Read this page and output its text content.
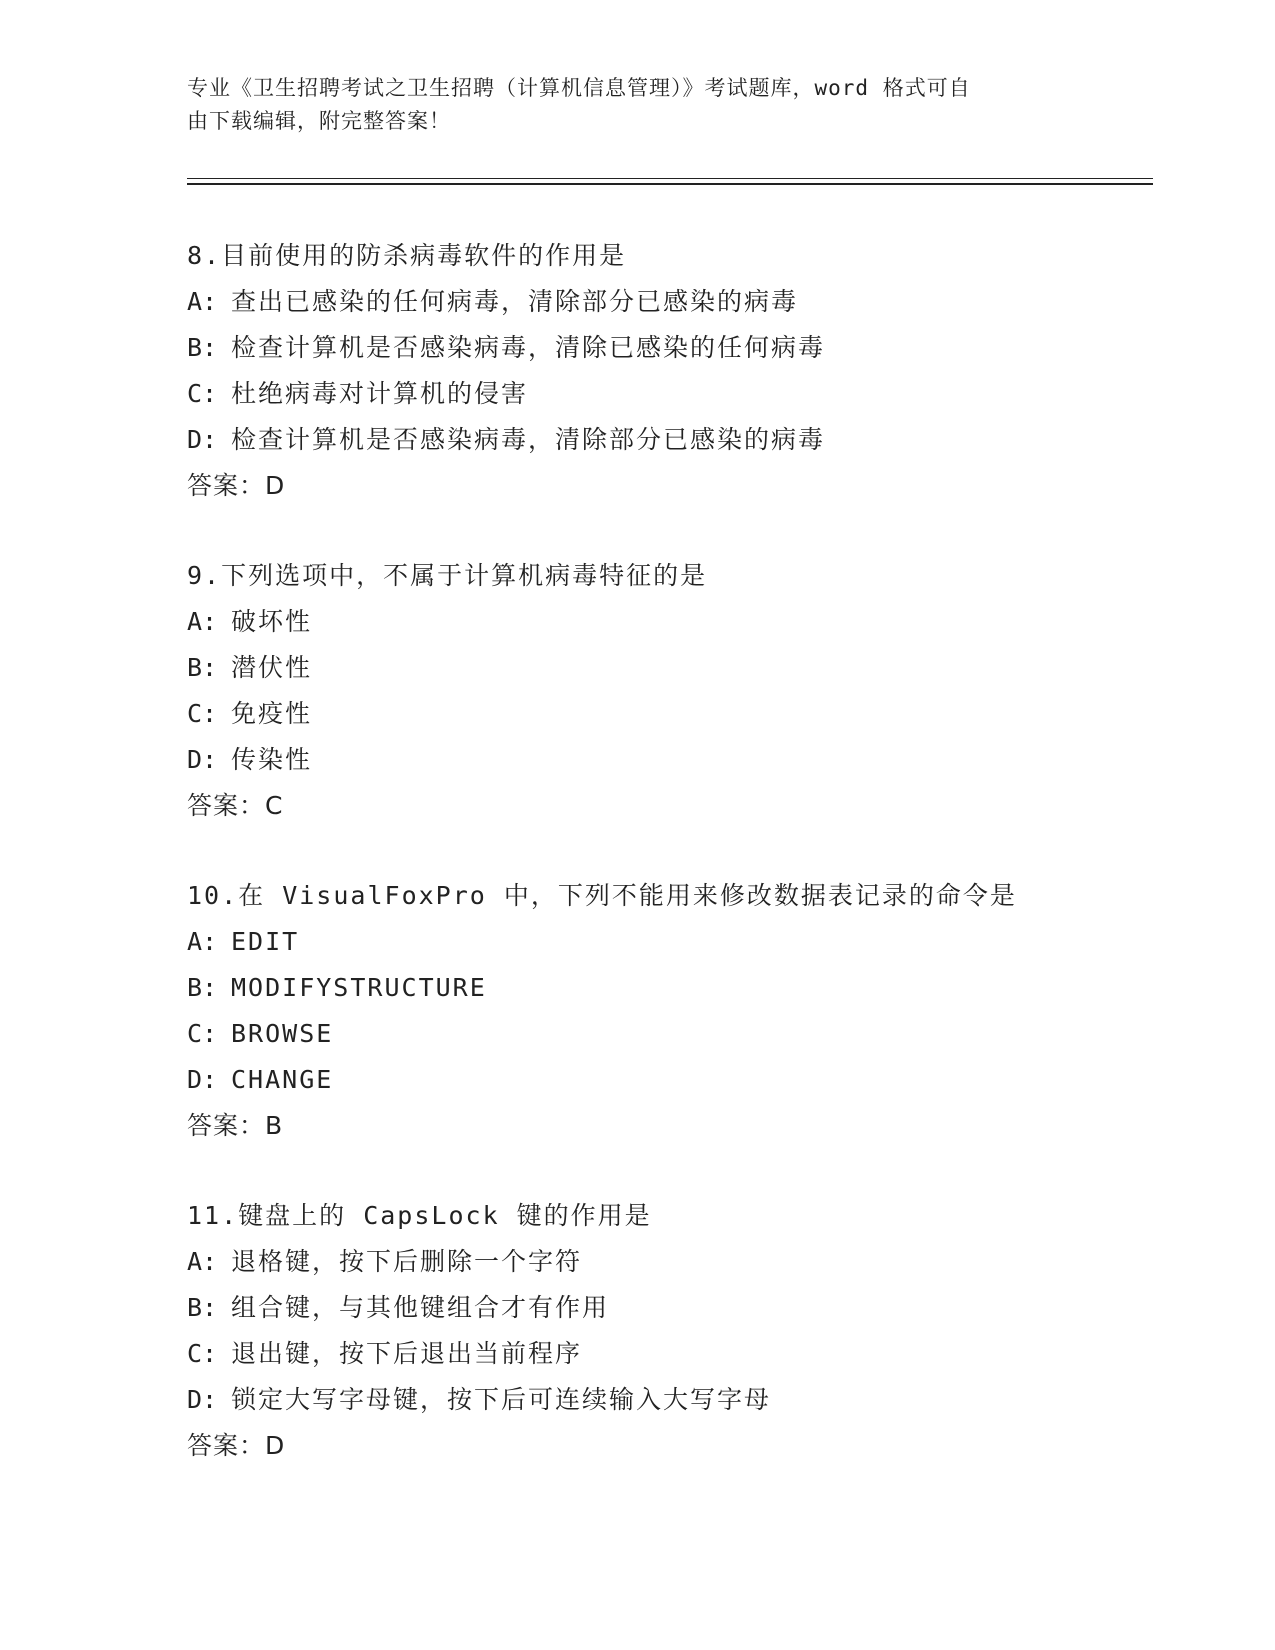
专业《卫生招聘考试之卫生招聘（计算机信息管理）》考试题库，word 格式可自
由下载编辑，附完整答案！
8.目前使用的防杀病毒软件的作用是
A: 查出已感染的任何病毒，清除部分已感染的病毒
B: 检查计算机是否感染病毒，清除已感染的任何病毒
C: 杜绝病毒对计算机的侵害
D: 检查计算机是否感染病毒，清除部分已感染的病毒
答案：D
9.下列选项中，不属于计算机病毒特征的是
A: 破坏性
B: 潜伏性
C: 免疫性
D: 传染性
答案：C
10.在 VisualFoxPro 中，下列不能用来修改数据表记录的命令是
A: EDIT
B: MODIFYSTRUCTURE
C: BROWSE
D: CHANGE
答案：B
11.键盘上的 CapsLock 键的作用是
A: 退格键，按下后删除一个字符
B: 组合键，与其他键组合才有作用
C: 退出键，按下后退出当前程序
D: 锁定大写字母键，按下后可连续输入大写字母
答案：D
